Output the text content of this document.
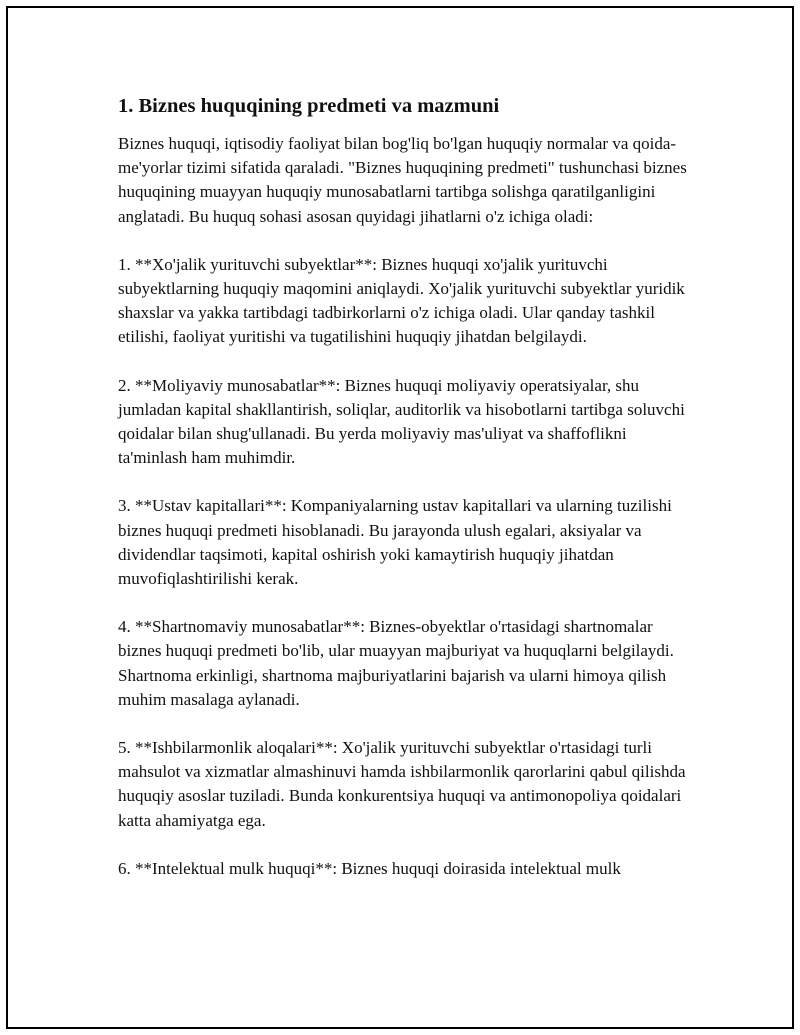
1. Biznes huquqining predmeti va mazmuni

Biznes huquqi, iqtisodiy faoliyat bilan bog'liq bo'lgan huquqiy normalar va qoida-me'yorlar tizimi sifatida qaraladi. "Biznes huquqining predmeti" tushunchasi biznes huquqining muayyan huquqiy munosabatlarni tartibga solishga qaratilganligini anglatadi. Bu huquq sohasi asosan quyidagi jihatlarni o'z ichiga oladi:

1. **Xo'jalik yurituvchi subyektlar**: Biznes huquqi xo'jalik yurituvchi subyektlarning huquqiy maqomini aniqlaydi. Xo'jalik yurituvchi subyektlar yuridik shaxslar va yakka tartibdagi tadbirkorlarni o'z ichiga oladi. Ular qanday tashkil etilishi, faoliyat yuritishi va tugatilishini huquqiy jihatdan belgilaydi.

2. **Moliyaviy munosabatlar**: Biznes huquqi moliyaviy operatsiyalar, shu jumladan kapital shakllantirish, soliqlar, auditorlik va hisobotlarni tartibga soluvchi qoidalar bilan shug'ullanadi. Bu yerda moliyaviy mas'uliyat va shaffoflikni ta'minlash ham muhimdir.

3. **Ustav kapitallari**: Kompaniyalarning ustav kapitallari va ularning tuzilishi biznes huquqi predmeti hisoblanadi. Bu jarayonda ulush egalari, aksiyalar va dividendlar taqsimoti, kapital oshirish yoki kamaytirish huquqiy jihatdan muvofiqlashtirilishi kerak.

4. **Shartnomaviy munosabatlar**: Biznes-obyektlar o'rtasidagi shartnomalar biznes huquqi predmeti bo'lib, ular muayyan majburiyat va huquqlarni belgilaydi. Shartnoma erkinligi, shartnoma majburiyatlarini bajarish va ularni himoya qilish muhim masalaga aylanadi.

5. **Ishbilarmonlik aloqalari**: Xo'jalik yurituvchi subyektlar o'rtasidagi turli mahsulot va xizmatlar almashinuvi hamda ishbilarmonlik qarorlarini qabul qilishda huquqiy asoslar tuziladi. Bunda konkurentsiya huquqi va antimonopoliya qoidalari katta ahamiyatga ega.

6. **Intelektual mulk huquqi**: Biznes huquqi doirasida intelektual mulk
